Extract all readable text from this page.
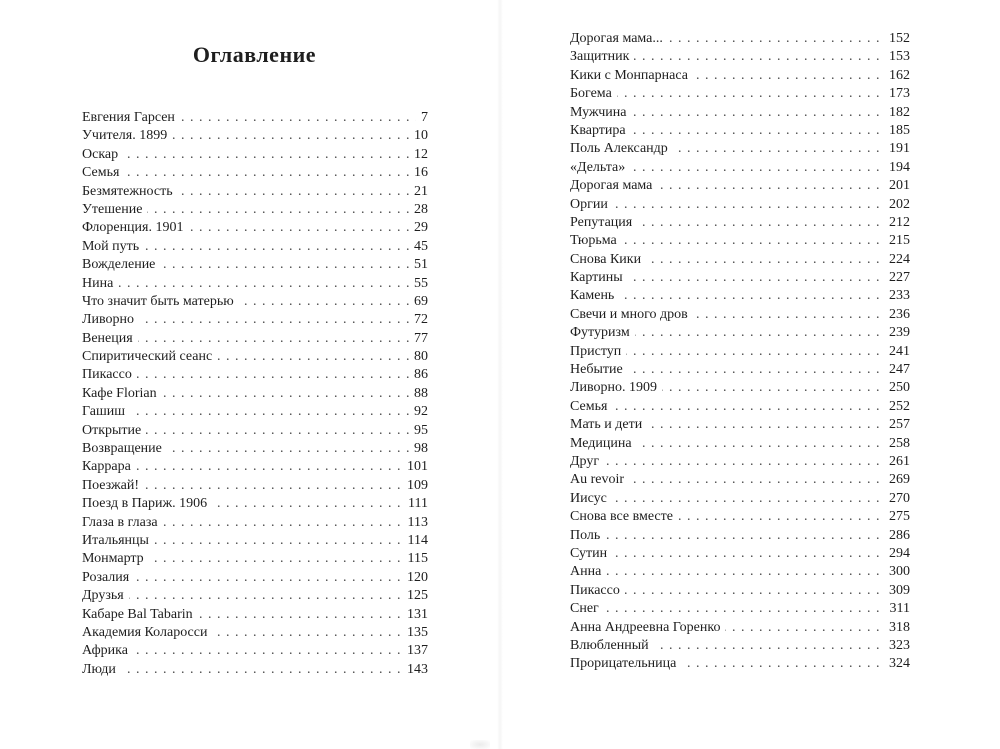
Оглавление
. . . Евгения Гарсен	7
. . . Учителя. 1899	10
. . . Оскар	12
. . . Семья	16
. . . Безмятежность	21
. . . Утешение	28
. . . Флоренция. 1901	29
. . . Мой путь	45
. . . Вожделение	51
. . . Нина	55
. . . Что значит быть матерью	69
. . . Ливорно	72
. . . Венеция	77
. . . Спиритический сеанс	80
. . . Пикассо	86
. . . Кафе Florian	88
. . . Гашиш	92
. . . Открытие	95
. . . Возвращение	98
. . . Каррара	101
. . . Поезжай!	109
. . . Поезд в Париж. 1906	111
. . . Глаза в глаза	113
. . . Итальянцы	114
. . . Монмартр	115
. . . Розалия	120
. . . Друзья	125
. . . Кабаре Bal Tabarin	131
. . . Академия Коларосси	135
. . . Африка	137
. . . Люди	143
. . . Дорогая мама...	152
. . . Защитник	153
. . . Кики с Монпарнаса	162
. . . Богема	173
. . . Мужчина	182
. . . Квартира	185
. . . Поль Александр	191
. . . «Дельта»	194
. . . Дорогая мама	201
. . . Оргии	202
. . . Репутация	212
. . . Тюрьма	215
. . . Снова Кики	224
. . . Картины	227
. . . Камень	233
. . . Свечи и много дров	236
. . . Футуризм	239
. . . Приступ	241
. . . Небытие	247
. . . Ливорно. 1909	250
. . . Семья	252
. . . Мать и дети	257
. . . Медицина	258
. . . Друг	261
. . . Au revoir	269
. . . Иисус	270
. . . Снова все вместе	275
. . . Поль	286
. . . Сутин	294
. . . Анна	300
. . . Пикассо	309
. . . Снег	311
. . . Анна Андреевна Горенко	318
. . . Влюбленный	323
. . . Прорицательница	324
